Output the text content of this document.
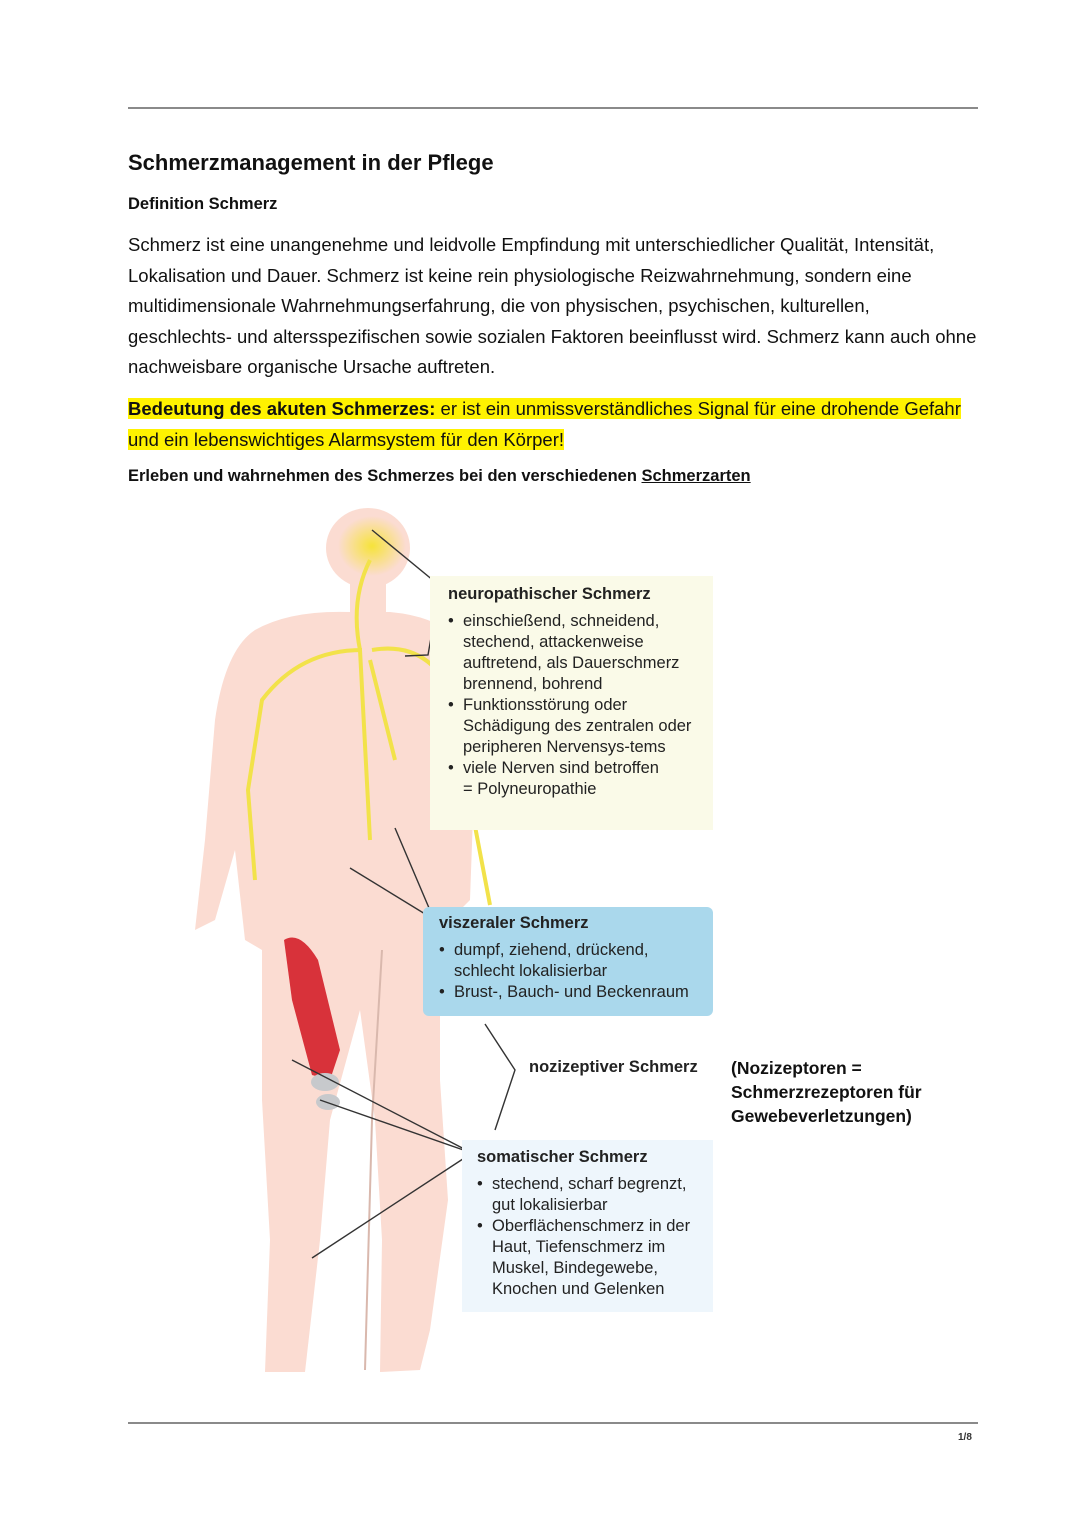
Schmerzmanagement in der Pflege
Definition Schmerz

Schmerz ist eine unangenehme und leidvolle Empfindung mit unterschiedlicher Qualität, Intensität, Lokalisation und Dauer. Schmerz ist keine rein physiologische Reizwahrnehmung, sondern eine multidimensionale Wahrnehmungserfahrung, die von physischen, psychischen, kulturellen, geschlechts- und altersspezifischen sowie sozialen Faktoren beeinflusst wird. Schmerz kann auch ohne nachweisbare organische Ursache auftreten.

Bedeutung des akuten Schmerzes: er ist ein unmissverständliches Signal für eine drohende Gefahr und ein lebenswichtiges Alarmsystem für den Körper!

Erleben und wahrnehmen des Schmerzes bei den verschiedenen Schmerzarten
neuropathischer Schmerz
• einschießend, schneidend, stechend, attackenweise auftretend, als Dauerschmerz brennend, bohrend
• Funktionsstörung oder Schädigung des zentralen oder peripheren Nervensys-tems
• viele Nerven sind betroffen
= Polyneuropathie
viszeraler Schmerz
• dumpf, ziehend, drückend, schlecht lokalisierbar
• Brust-, Bauch- und Beckenraum
nozizeptiver Schmerz (Nozizeptoren = Schmerzrezeptoren für Gewebeverletzungen)
somatischer Schmerz
• stechend, scharf begrenzt, gut lokalisierbar
• Oberflächenschmerz in der Haut, Tiefenschmerz im Muskel, Bindegewebe, Knochen und Gelenken
1/8
